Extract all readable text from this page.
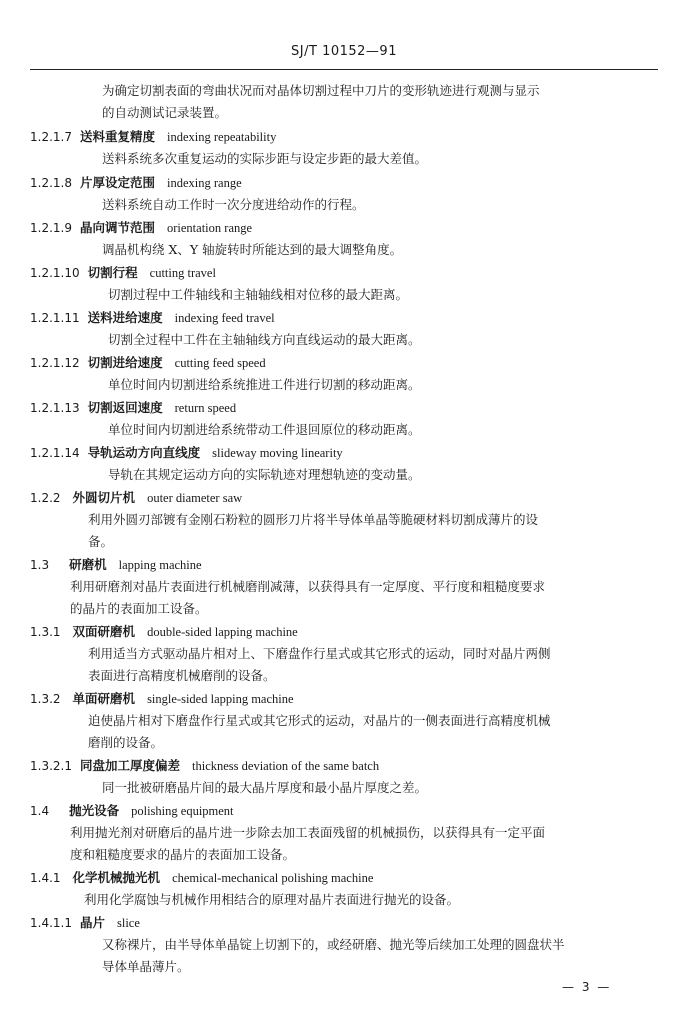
SJ/T 10152—91
为确定切割表面的弯曲状况而对晶体切割过程中刀片的变形轨迹进行观测与显示
的自动测试记录装置。
1.2.1.7 送料重复精度 indexing repeatability
送料系统多次重复运动的实际步距与设定步距的最大差值。
1.2.1.8 片厚设定范围 indexing range
送料系统自动工作时一次分度进给动作的行程。
1.2.1.9 晶向调节范围 orientation range
调晶机构绕 X、Y 轴旋转时所能达到的最大调整角度。
1.2.1.10 切割行程 cutting travel
切割过程中工件轴线和主轴轴线相对位移的最大距离。
1.2.1.11 送料进给速度 indexing feed travel
切割全过程中工件在主轴轴线方向直线运动的最大距离。
1.2.1.12 切割进给速度 cutting feed speed
单位时间内切割进给系统推进工件进行切割的移动距离。
1.2.1.13 切割返回速度 return speed
单位时间内切割进给系统带动工件退回原位的移动距离。
1.2.1.14 导轨运动方向直线度 slideway moving linearity
导轨在其规定运动方向的实际轨迹对理想轨迹的变动量。
1.2.2 外圆切片机 outer diameter saw
利用外圆刃部镀有金刚石粉粒的圆形刀片将半导体单晶等脆硬材料切割成薄片的设
备。
1.3 研磨机 lapping machine
利用研磨剂对晶片表面进行机械磨削减薄，以获得具有一定厚度、平行度和粗糙度要求
的晶片的表面加工设备。
1.3.1 双面研磨机 double-sided lapping machine
利用适当方式驱动晶片相对上、下磨盘作行星式或其它形式的运动，同时对晶片两侧
表面进行高精度机械磨削的设备。
1.3.2 单面研磨机 single-sided lapping machine
迫使晶片相对下磨盘作行星式或其它形式的运动，对晶片的一侧表面进行高精度机械
磨削的设备。
1.3.2.1 同盘加工厚度偏差 thickness deviation of the same batch
同一批被研磨晶片间的最大晶片厚度和最小晶片厚度之差。
1.4 抛光设备 polishing equipment
利用抛光剂对研磨后的晶片进一步除去加工表面残留的机械损伤，以获得具有一定平面
度和粗糙度要求的晶片的表面加工设备。
1.4.1 化学机械抛光机 chemical-mechanical polishing machine
利用化学腐蚀与机械作用相结合的原理对晶片表面进行抛光的设备。
1.4.1.1 晶片 slice
又称裸片，由半导体单晶锭上切割下的，或经研磨、抛光等后续加工处理的圆盘状半
导体单晶薄片。
— 3 —
